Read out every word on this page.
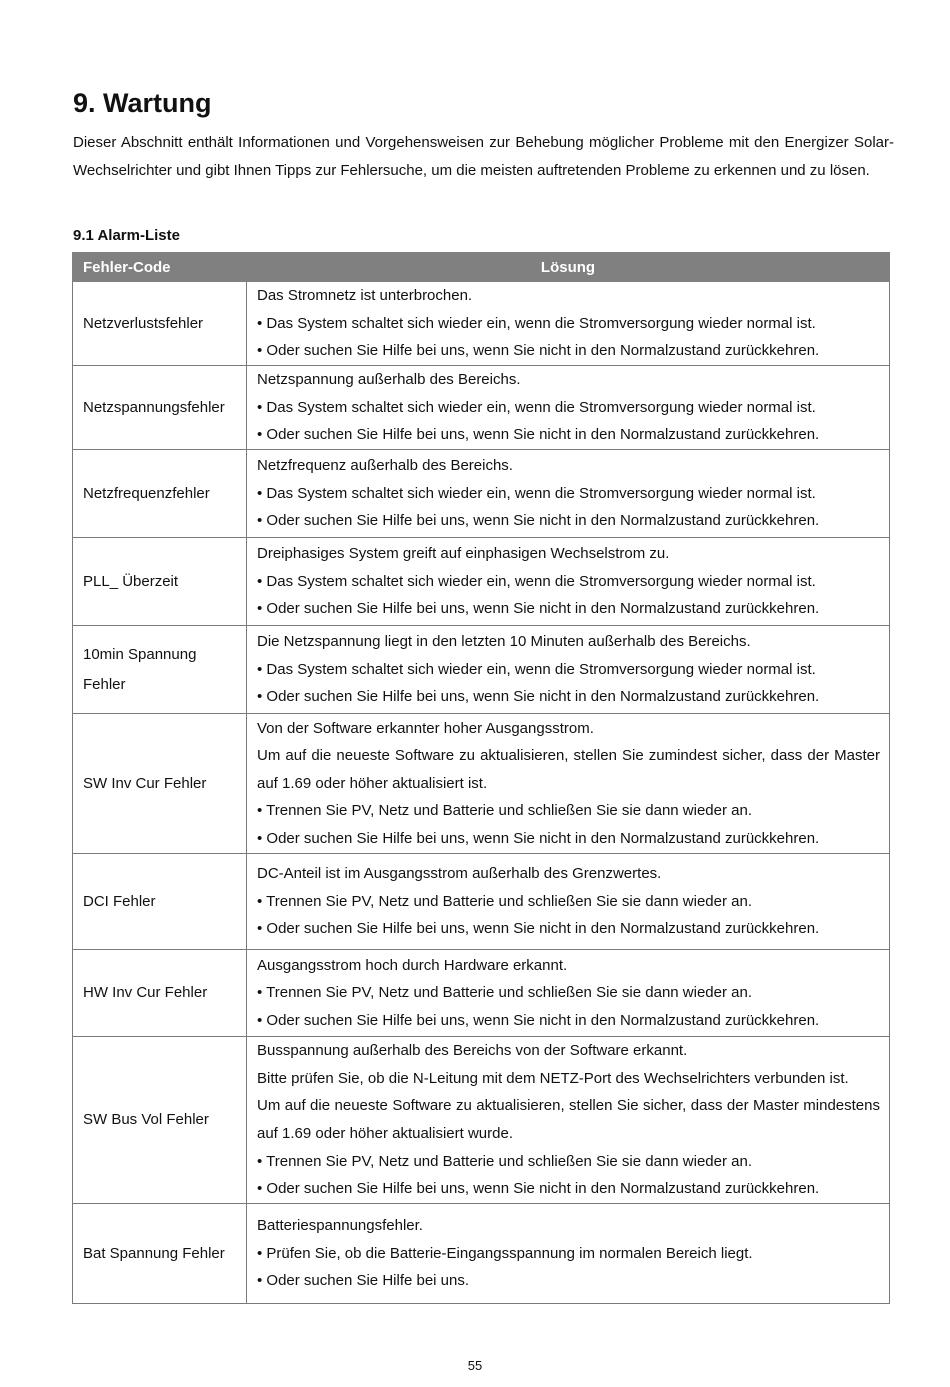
9. Wartung

Dieser Abschnitt enthält Informationen und Vorgehensweisen zur Behebung möglicher Probleme mit den Energizer Solar-Wechselrichter und gibt Ihnen Tipps zur Fehlersuche, um die meisten auftretenden Probleme zu erkennen und zu lösen.

9.1 Alarm-Liste
Fehler-Code	Lösung
Netzverlustsfehler	Das Stromnetz ist unterbrochen.
• Das System schaltet sich wieder ein, wenn die Stromversorgung wieder normal ist.
• Oder suchen Sie Hilfe bei uns, wenn Sie nicht in den Normalzustand zurückkehren.

Netzspannungsfehler	Netzspannung außerhalb des Bereichs.
• Das System schaltet sich wieder ein, wenn die Stromversorgung wieder normal ist.
• Oder suchen Sie Hilfe bei uns, wenn Sie nicht in den Normalzustand zurückkehren.

Netzfrequenzfehler	Netzfrequenz außerhalb des Bereichs.
• Das System schaltet sich wieder ein, wenn die Stromversorgung wieder normal ist.
• Oder suchen Sie Hilfe bei uns, wenn Sie nicht in den Normalzustand zurückkehren.

PLL_ Überzeit	Dreiphasiges System greift auf einphasigen Wechselstrom zu.
• Das System schaltet sich wieder ein, wenn die Stromversorgung wieder normal ist.
• Oder suchen Sie Hilfe bei uns, wenn Sie nicht in den Normalzustand zurückkehren.

10min Spannung Fehler	Die Netzspannung liegt in den letzten 10 Minuten außerhalb des Bereichs.
• Das System schaltet sich wieder ein, wenn die Stromversorgung wieder normal ist.
• Oder suchen Sie Hilfe bei uns, wenn Sie nicht in den Normalzustand zurückkehren.

SW Inv Cur Fehler	Von der Software erkannter hoher Ausgangsstrom.
Um auf die neueste Software zu aktualisieren, stellen Sie zumindest sicher, dass der Master auf 1.69 oder höher aktualisiert ist.
• Trennen Sie PV, Netz und Batterie und schließen Sie sie dann wieder an.
• Oder suchen Sie Hilfe bei uns, wenn Sie nicht in den Normalzustand zurückkehren.

DCI Fehler	DC-Anteil ist im Ausgangsstrom außerhalb des Grenzwertes.
• Trennen Sie PV, Netz und Batterie und schließen Sie sie dann wieder an.
• Oder suchen Sie Hilfe bei uns, wenn Sie nicht in den Normalzustand zurückkehren.

HW Inv Cur Fehler	Ausgangsstrom hoch durch Hardware erkannt.
• Trennen Sie PV, Netz und Batterie und schließen Sie sie dann wieder an.
• Oder suchen Sie Hilfe bei uns, wenn Sie nicht in den Normalzustand zurückkehren.

SW Bus Vol Fehler	Busspannung außerhalb des Bereichs von der Software erkannt.
Bitte prüfen Sie, ob die N-Leitung mit dem NETZ-Port des Wechselrichters verbunden ist.
Um auf die neueste Software zu aktualisieren, stellen Sie sicher, dass der Master mindestens auf 1.69 oder höher aktualisiert wurde.
• Trennen Sie PV, Netz und Batterie und schließen Sie sie dann wieder an.
• Oder suchen Sie Hilfe bei uns, wenn Sie nicht in den Normalzustand zurückkehren.

Bat Spannung Fehler	Batteriespannungsfehler.
• Prüfen Sie, ob die Batterie-Eingangsspannung im normalen Bereich liegt.
• Oder suchen Sie Hilfe bei uns.

55
